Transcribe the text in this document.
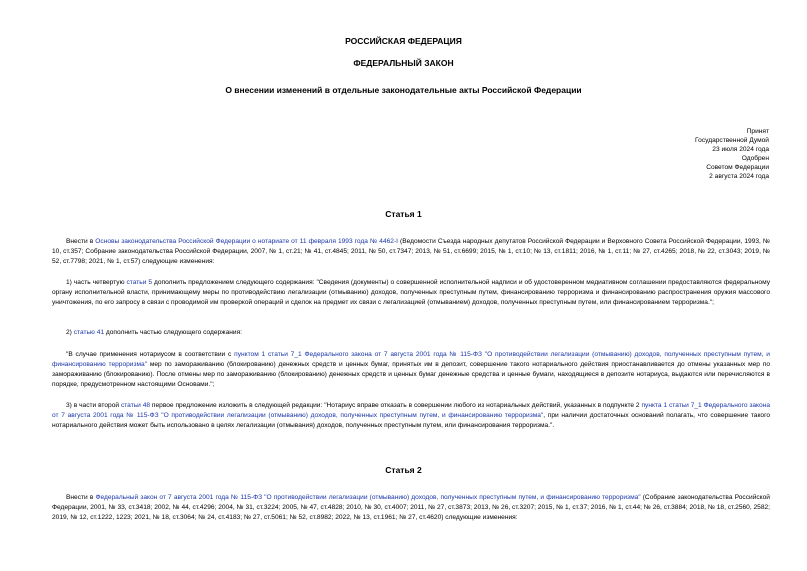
РОССИЙСКАЯ ФЕДЕРАЦИЯ
ФЕДЕРАЛЬНЫЙ ЗАКОН
О внесении изменений в отдельные законодательные акты Российской Федерации
Принят
Государственной Думой
23 июля 2024 года
Одобрен
Советом Федерации
2 августа 2024 года
Статья 1

Внести в Основы законодательства Российской Федерации о нотариате от 11 февраля 1993 года № 4462-I (Ведомости Съезда народных депутатов Российской Федерации и Верховного Совета Российской Федерации, 1993, № 10, ст.357; Собрание законодательства Российской Федерации, 2007, № 1, ст.21; № 41, ст.4845; 2011, № 50, ст.7347; 2013, № 51, ст.6699; 2015, № 1, ст.10; № 13, ст.1811; 2016, № 1, ст.11; № 27, ст.4265; 2018, № 22, ст.3043; 2019, № 52, ст.7798; 2021, № 1, ст.57) следующие изменения:

1) часть четвертую статьи 5 дополнить предложением следующего содержания: "Сведения (документы) о совершенной исполнительной надписи и об удостоверенном медиативном соглашении предоставляются федеральному органу исполнительной власти, принимающему меры по противодействию легализации (отмыванию) доходов, полученных преступным путем, финансированию терроризма и финансированию распространения оружия массового уничтожения, по его запросу в связи с проводимой им проверкой операций и сделок на предмет их связи с легализацией (отмыванием) доходов, полученных преступным путем, или финансированием терроризма.";

2) статью 41 дополнить частью следующего содержания:

"В случае применения нотариусом в соответствии с пунктом 1 статьи 7_1 Федерального закона от 7 августа 2001 года № 115-ФЗ "О противодействии легализации (отмыванию) доходов, полученных преступным путем, и финансированию терроризма" мер по замораживанию (блокированию) денежных средств и ценных бумаг, принятых им в депозит, совершение такого нотариального действия приостанавливается до отмены указанных мер по замораживанию (блокированию). После отмены мер по замораживанию (блокированию) денежных средств и ценных бумаг денежные средства и ценные бумаги, находящиеся в депозите нотариуса, выдаются или перечисляются в порядке, предусмотренном настоящими Основами.";

3) в части второй статьи 48 первое предложение изложить в следующей редакции: "Нотариус вправе отказать в совершении любого из нотариальных действий, указанных в подпункте 2 пункта 1 статьи 7_1 Федерального закона от 7 августа 2001 года № 115-ФЗ "О противодействии легализации (отмыванию) доходов, полученных преступным путем, и финансированию терроризма", при наличии достаточных оснований полагать, что совершение такого нотариального действия может быть использовано в целях легализации (отмывания) доходов, полученных преступным путем, или финансирования терроризма.".

Статья 2

Внести в Федеральный закон от 7 августа 2001 года № 115-ФЗ "О противодействии легализации (отмыванию) доходов, полученных преступным путем, и финансированию терроризма" (Собрание законодательства Российской Федерации, 2001, № 33, ст.3418; 2002, № 44, ст.4296; 2004, № 31, ст.3224; 2005, № 47, ст.4828; 2010, № 30, ст.4007; 2011, № 27, ст.3873; 2013, № 26, ст.3207; 2015, № 1, ст.37; 2016, № 1, ст.44; № 26, ст.3884; 2018, № 18, ст.2560, 2582; 2019, № 12, ст.1222, 1223; 2021, № 18, ст.3064; № 24, ст.4183; № 27, ст.5061; № 52, ст.8982; 2022, № 13, ст.1961; № 27, ст.4620) следующие изменения:
